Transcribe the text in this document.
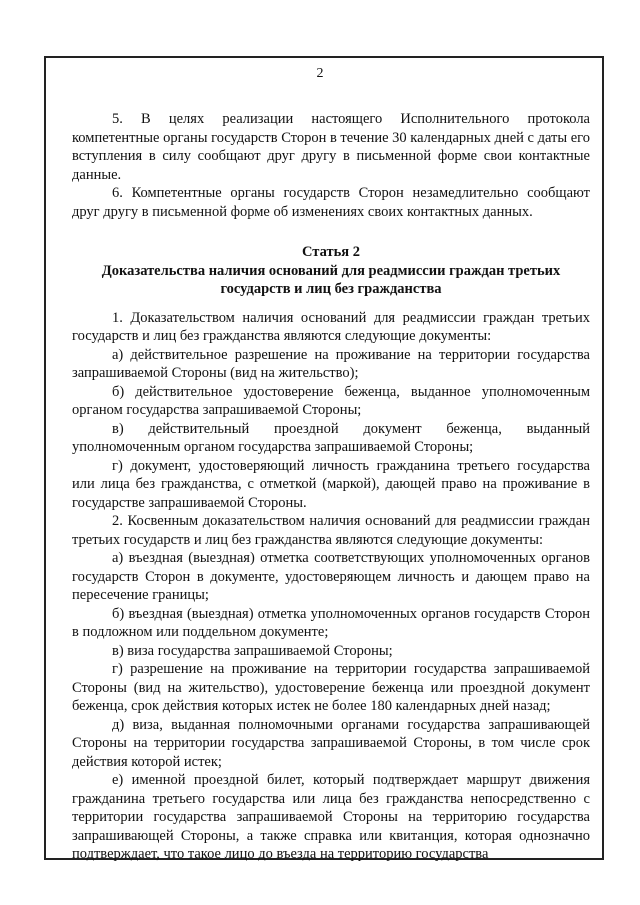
2

5. В целях реализации настоящего Исполнительного протокола компетентные органы государств Сторон в течение 30 календарных дней с даты его вступления в силу сообщают друг другу в письменной форме свои контактные данные.

6. Компетентные органы государств Сторон незамедлительно сообщают друг другу в письменной форме об изменениях своих контактных данных.

Статья 2
Доказательства наличия оснований для реадмиссии граждан третьих государств и лиц без гражданства

1. Доказательством наличия оснований для реадмиссии граждан третьих государств и лиц без гражданства являются следующие документы:

а) действительное разрешение на проживание на территории государства запрашиваемой Стороны (вид на жительство);

б) действительное удостоверение беженца, выданное уполномоченным органом государства запрашиваемой Стороны;

в) действительный проездной документ беженца, выданный уполномоченным органом государства запрашиваемой Стороны;

г) документ, удостоверяющий личность гражданина третьего государства или лица без гражданства, с отметкой (маркой), дающей право на проживание в государстве запрашиваемой Стороны.

2. Косвенным доказательством наличия оснований для реадмиссии граждан третьих государств и лиц без гражданства являются следующие документы:

а) въездная (выездная) отметка соответствующих уполномоченных органов государств Сторон в документе, удостоверяющем личность и дающем право на пересечение границы;

б) въездная (выездная) отметка уполномоченных органов государств Сторон в подложном или поддельном документе;

в) виза государства запрашиваемой Стороны;

г) разрешение на проживание на территории государства запрашиваемой Стороны (вид на жительство), удостоверение беженца или проездной документ беженца, срок действия которых истек не более 180 календарных дней назад;

д) виза, выданная полномочными органами государства запрашивающей Стороны на территории государства запрашиваемой Стороны, в том числе срок действия которой истек;

е) именной проездной билет, который подтверждает маршрут движения гражданина третьего государства или лица без гражданства непосредственно с территории государства запрашиваемой Стороны на территорию государства запрашивающей Стороны, а также справка или квитанция, которая однозначно подтверждает, что такое лицо до въезда на территорию государства
